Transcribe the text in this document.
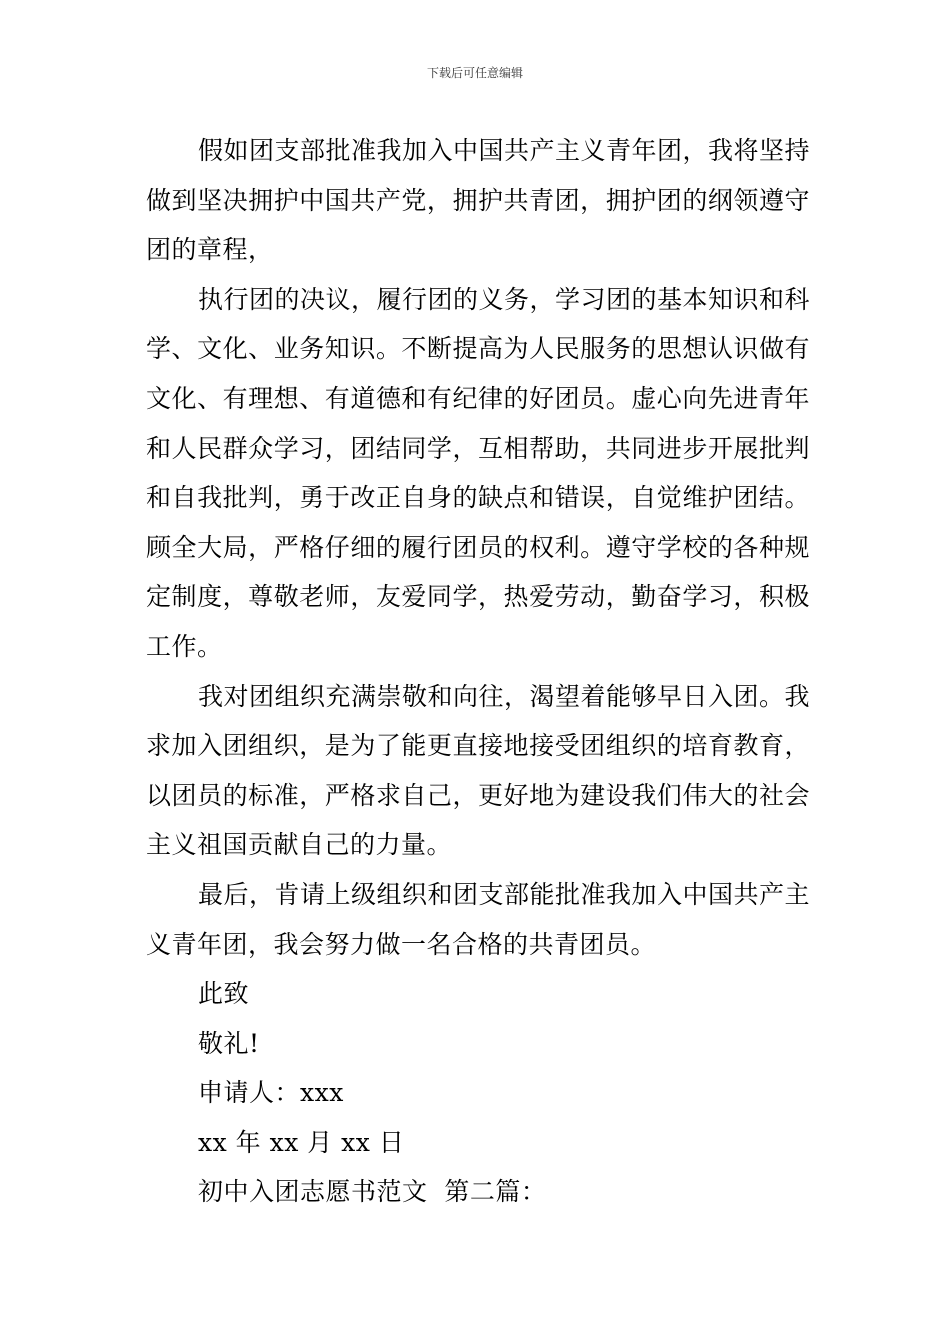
下载后可任意编辑

假如团支部批准我加入中国共产主义青年团，我将坚持做到坚决拥护中国共产党，拥护共青团，拥护团的纲领遵守团的章程，

执行团的决议，履行团的义务，学习团的基本知识和科学、文化、业务知识。不断提高为人民服务的思想认识做有文化、有理想、有道德和有纪律的好团员。虚心向先进青年和人民群众学习，团结同学，互相帮助，共同进步开展批判和自我批判，勇于改正自身的缺点和错误，自觉维护团结。顾全大局，严格仔细的履行团员的权利。遵守学校的各种规定制度，尊敬老师，友爱同学，热爱劳动，勤奋学习，积极工作。

我对团组织充满崇敬和向往，渴望着能够早日入团。我求加入团组织，是为了能更直接地接受团组织的培育教育，以团员的标准，严格求自己，更好地为建设我们伟大的社会主义祖国贡献自己的力量。

最后，肯请上级组织和团支部能批准我加入中国共产主义青年团，我会努力做一名合格的共青团员。

此致

敬礼!

申请人：xxx

xx 年 xx 月 xx 日

初中入团志愿书范文  第二篇：
